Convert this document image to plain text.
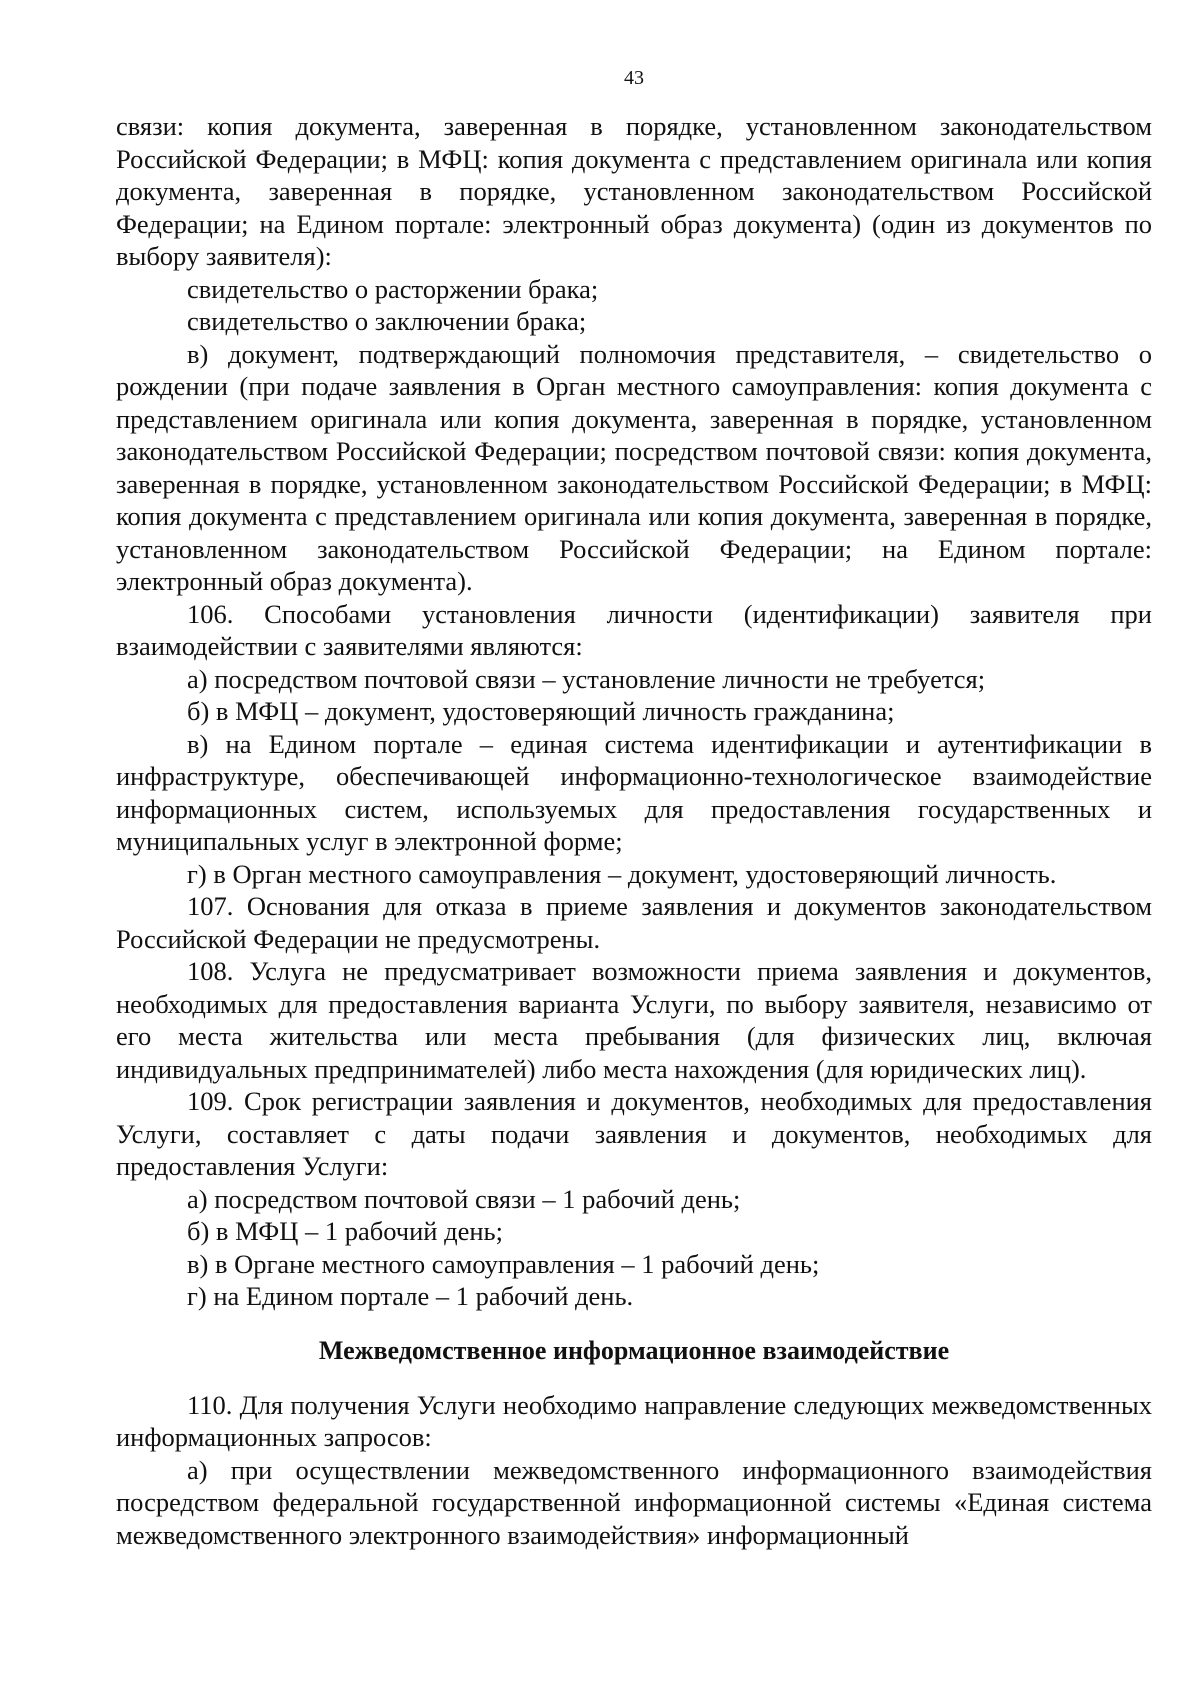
43

связи: копия документа, заверенная в порядке, установленном законодательством Российской Федерации; в МФЦ: копия документа с представлением оригинала или копия документа, заверенная в порядке, установленном законодательством Российской Федерации; на Едином портале: электронный образ документа) (один из документов по выбору заявителя):

свидетельство о расторжении брака;

свидетельство о заключении брака;

в) документ, подтверждающий полномочия представителя, – свидетельство о рождении (при подаче заявления в Орган местного самоуправления: копия документа с представлением оригинала или копия документа, заверенная в порядке, установленном законодательством Российской Федерации; посредством почтовой связи: копия документа, заверенная в порядке, установленном законодательством Российской Федерации; в МФЦ: копия документа с представлением оригинала или копия документа, заверенная в порядке, установленном законодательством Российской Федерации; на Едином портале: электронный образ документа).

106. Способами установления личности (идентификации) заявителя при взаимодействии с заявителями являются:

а) посредством почтовой связи – установление личности не требуется;

б) в МФЦ – документ, удостоверяющий личность гражданина;

в) на Едином портале – единая система идентификации и аутентификации в инфраструктуре, обеспечивающей информационно-технологическое взаимодействие информационных систем, используемых для предоставления государственных и муниципальных услуг в электронной форме;

г) в Орган местного самоуправления – документ, удостоверяющий личность.

107. Основания для отказа в приеме заявления и документов законодательством Российской Федерации не предусмотрены.

108. Услуга не предусматривает возможности приема заявления и документов, необходимых для предоставления варианта Услуги, по выбору заявителя, независимо от его места жительства или места пребывания (для физических лиц, включая индивидуальных предпринимателей) либо места нахождения (для юридических лиц).

109. Срок регистрации заявления и документов, необходимых для предоставления Услуги, составляет с даты подачи заявления и документов, необходимых для предоставления Услуги:

а) посредством почтовой связи – 1 рабочий день;

б) в МФЦ – 1 рабочий день;

в) в Органе местного самоуправления – 1 рабочий день;

г) на Едином портале – 1 рабочий день.

Межведомственное информационное взаимодействие

110. Для получения Услуги необходимо направление следующих межведомственных информационных запросов:

а) при осуществлении межведомственного информационного взаимодействия посредством федеральной государственной информационной системы «Единая система межведомственного электронного взаимодействия» информационный
